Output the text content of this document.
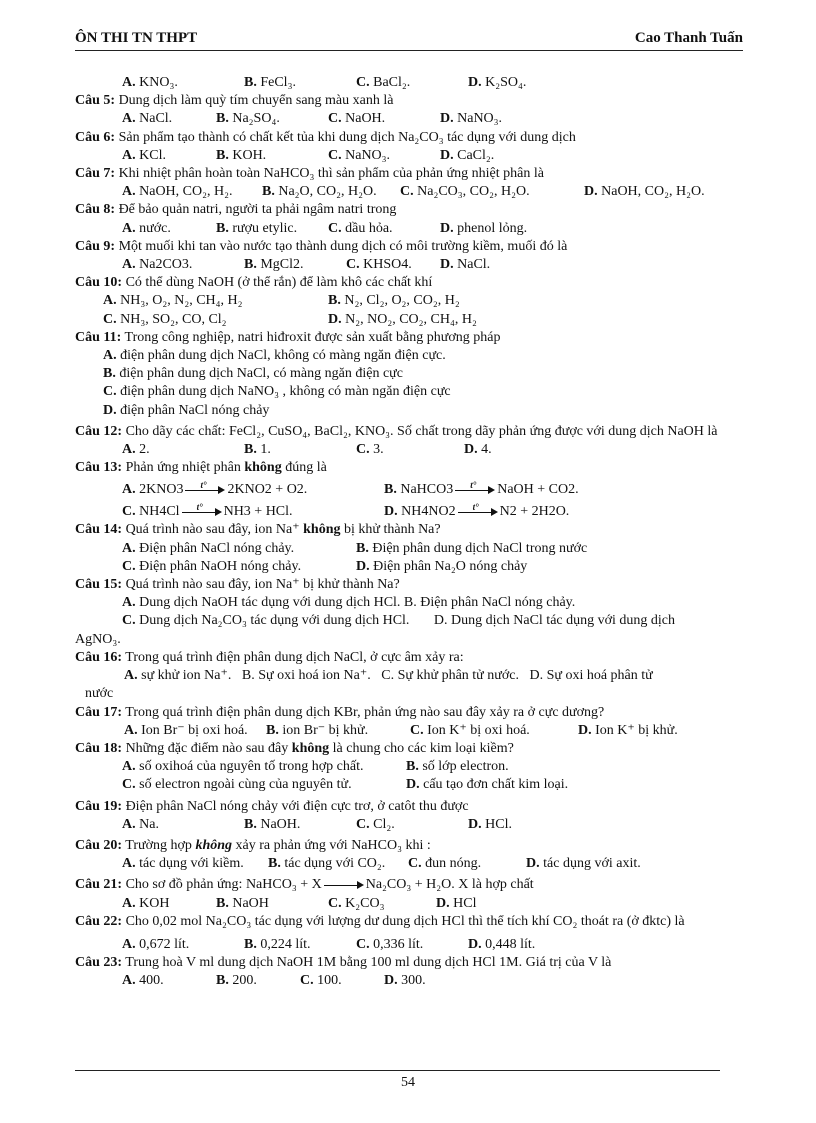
ÔN THI TN THPT	Cao Thanh Tuấn
A. KNO₃.	B. FeCl₃.	C. BaCl₂.	D. K₂SO₄.

Câu 5: Dung dịch làm quỳ tím chuyển sang màu xanh là

A. NaCl.	B. Na₂SO₄.	C. NaOH.	D. NaNO₃.

Câu 6: Sản phẩm tạo thành có chất kết tủa khi dung dịch Na₂CO₃ tác dụng với dung dịch

A. KCl.	B. KOH.	C. NaNO₃.	D. CaCl₂.

Câu 7: Khi nhiệt phân hoàn toàn NaHCO₃ thì sản phẩm của phản ứng nhiệt phân là

A. NaOH, CO₂, H₂.	B. Na₂O, CO₂, H₂O.	C. Na₂CO₃, CO₂, H₂O.	D. NaOH, CO₂, H₂O.

Câu 8: Để bảo quản natri, người ta phải ngâm natri trong

A. nước.	B. rượu etylic.	C. dầu hỏa.	D. phenol lỏng.

Câu 9: Một muối khi tan vào nước tạo thành dung dịch có môi trường kiềm, muối đó là

A. Na2CO3.	B. MgCl2.	C. KHSO4.	D. NaCl.

Câu 10: Có thể dùng NaOH (ở thể rắn) để làm khô các chất khí

A. NH₃, O₂, N₂, CH₄, H₂	B. N₂, Cl₂, O₂, CO₂, H₂
C. NH₃, SO₂, CO, Cl₂	D. N₂, NO₂, CO₂, CH₄, H₂

Câu 11: Trong công nghiệp, natri hiđroxit được sản xuất bằng phương pháp

A. điện phân dung dịch NaCl, không có màng ngăn điện cực.

B. điện phân dung dịch NaCl, có màng ngăn điện cực

C. điện phân dung dịch NaNO₃ , không có màn ngăn điện cực

D. điện phân NaCl nóng chảy

Câu 12: Cho dãy các chất: FeCl₂, CuSO₄, BaCl₂, KNO₃. Số chất trong dãy phản ứng được với dung dịch NaOH là

A. 2.	B. 1.	C. 3.	D. 4.

Câu 13: Phản ứng nhiệt phân không đúng là

A. 2KNO3 t° 2KNO2 + O2.	B. NaHCO3 t° NaOH + CO2.
C. NH4Cl t° NH3 + HCl.	D. NH4NO2 t° N2 + 2H2O.

Câu 14: Quá trình nào sau đây, ion Na⁺ không bị khử thành Na?

A. Điện phân NaCl nóng chảy.	B. Điện phân dung dịch NaCl trong nước
C. Điện phân NaOH nóng chảy.	D. Điện phân Na₂O nóng chảy

Câu 15: Quá trình nào sau đây, ion Na⁺ bị khử thành Na?

A. Dung dịch NaOH tác dụng với dung dịch HCl. B. Điện phân NaCl nóng chảy.

C. Dung dịch Na₂CO₃ tác dụng với dung dịch HCl.       D. Dung dịch NaCl tác dụng với dung dịch

AgNO₃.

Câu 16: Trong quá trình điện phân dung dịch NaCl, ở cực âm xảy ra:

A. sự khử ion Na⁺.   B. Sự oxi hoá ion Na⁺.   C. Sự khử phân tử nước.   D. Sự oxi hoá phân tử

nước

Câu 17: Trong quá trình điện phân dung dịch KBr, phản ứng nào sau đây xảy ra ở cực dương?

A. Ion Br⁻ bị oxi hoá.	B. ion Br⁻ bị khử.	C. Ion K⁺ bị oxi hoá.	D. Ion K⁺ bị khử.

Câu 18: Những đặc điểm nào sau đây không là chung cho các kim loại kiềm?

A. số oxihoá của nguyên tố trong hợp chất.	B. số lớp electron.
C. số electron ngoài cùng của nguyên tử.	D. cấu tạo đơn chất kim loại.

Câu 19: Điện phân NaCl nóng chảy với điện cực trơ, ở catôt thu được

A. Na.	B. NaOH.	C. Cl₂.	D. HCl.

Câu 20: Trường hợp không xảy ra phản ứng với NaHCO₃ khi :

A. tác dụng với kiềm.	B. tác dụng với CO₂.	C. đun nóng.	D. tác dụng với axit.

Câu 21: Cho sơ đồ phản ứng: NaHCO₃ + X	Na₂CO₃ + H₂O. X là hợp chất

A. KOH	B. NaOH	C. K₂CO₃	D. HCl

Câu 22: Cho 0,02 mol Na₂CO₃ tác dụng với lượng dư dung dịch HCl thì thể tích khí CO₂ thoát ra (ở đktc) là

A. 0,672 lít.	B. 0,224 lít.	C. 0,336 lít.	D. 0,448 lít.

Câu 23: Trung hoà V ml dung dịch NaOH 1M bằng 100 ml dung dịch HCl 1M. Giá trị của V là

A. 400.	B. 200.	C. 100.	D. 300.
54
